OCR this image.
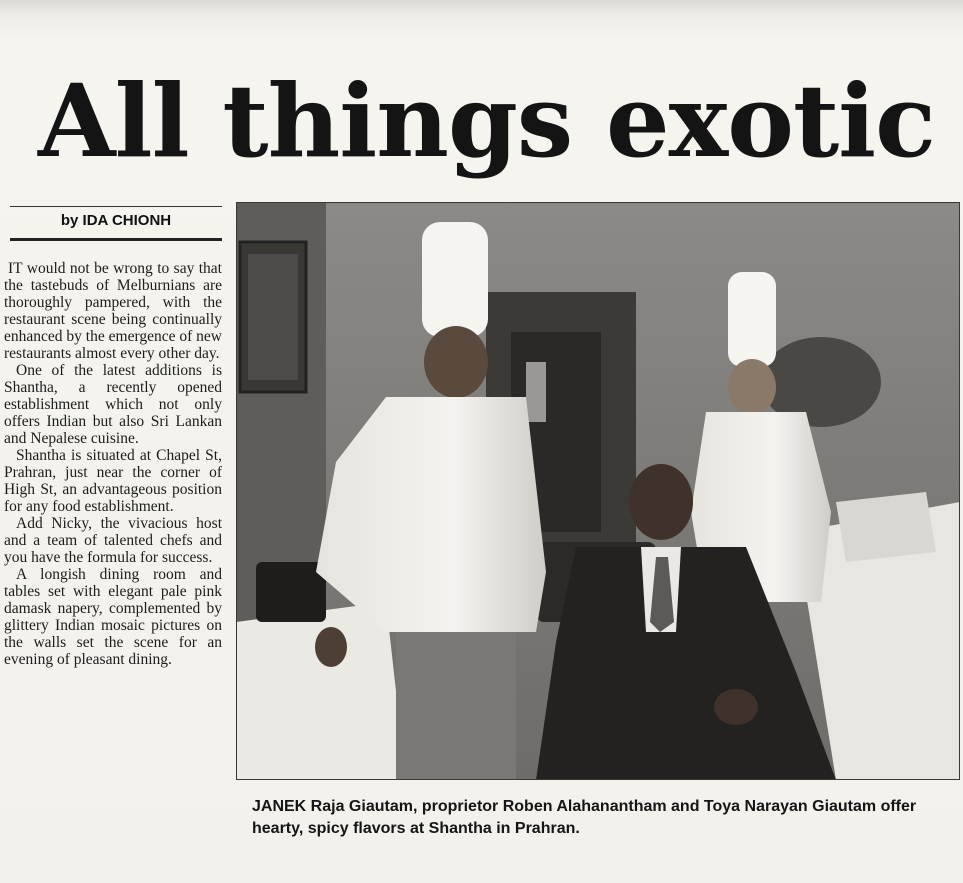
All things exotic
by IDA CHIONH

IT would not be wrong to say that the tastebuds of Melburnians are thoroughly pampered, with the restaurant scene being continually enhanced by the emergence of new restaurants almost every other day.

One of the latest additions is Shantha, a recently opened establishment which not only offers Indian but also Sri Lankan and Nepalese cuisine.

Shantha is situated at Chapel St, Prahran, just near the corner of High St, an advantageous position for any food establishment.

Add Nicky, the vivacious host and a team of talented chefs and you have the formula for success.

A longish dining room and tables set with elegant pale pink damask napery, complemented by glittery Indian mosaic pictures on the walls set the scene for an evening of pleasant dining.

JANEK Raja Giautam, proprietor Roben Alahanantham and Toya Narayan Giautam offer hearty, spicy flavors at Shantha in Prahran.
